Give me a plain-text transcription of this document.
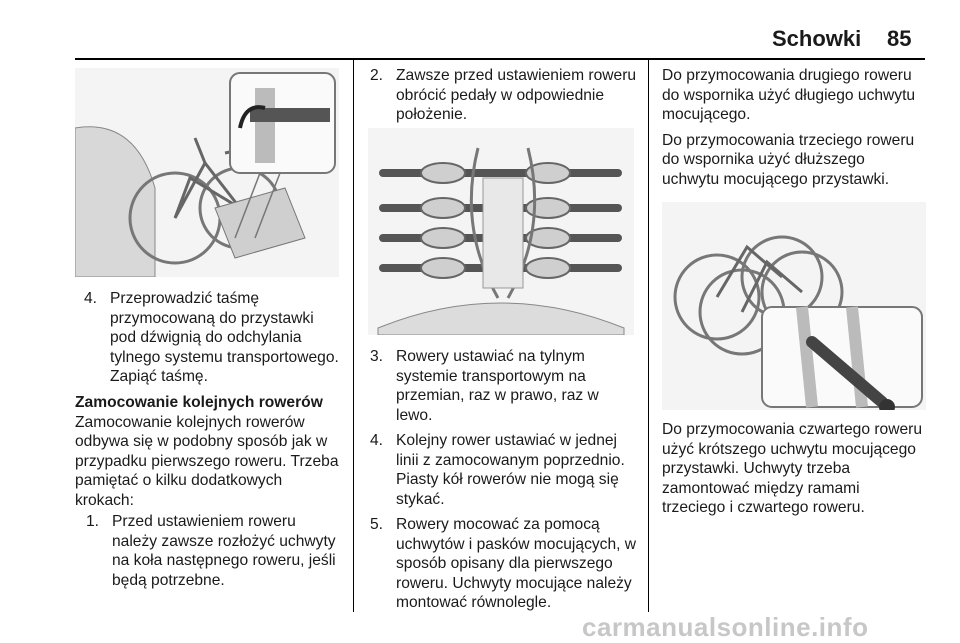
Schowki 85
4. Przeprowadzić taśmę przymocowaną do przystawki pod dźwignią do odchylania tylnego systemu transportowego. Zapiąć taśmę.

Zamocowanie kolejnych rowerów

Zamocowanie kolejnych rowerów odbywa się w podobny sposób jak w przypadku pierwszego roweru. Trzeba pamiętać o kilku dodatkowych krokach:

1. Przed ustawieniem roweru należy zawsze rozłożyć uchwyty na koła następnego roweru, jeśli będą potrzebne.

2. Zawsze przed ustawieniem roweru obrócić pedały w odpowiednie położenie.

3. Rowery ustawiać na tylnym systemie transportowym na przemian, raz w prawo, raz w lewo.

4. Kolejny rower ustawiać w jednej linii z zamocowanym poprzednio. Piasty kół rowerów nie mogą się stykać.

5. Rowery mocować za pomocą uchwytów i pasków mocujących, w sposób opisany dla pierwszego roweru. Uchwyty mocujące należy montować równolegle.

Do przymocowania drugiego roweru do wspornika użyć długiego uchwytu mocującego.

Do przymocowania trzeciego roweru do wspornika użyć dłuższego uchwytu mocującego przystawki.

Do przymocowania czwartego roweru użyć krótszego uchwytu mocującego przystawki. Uchwyty trzeba zamontować między ramami trzeciego i czwartego roweru.

carmanualsonline.info
